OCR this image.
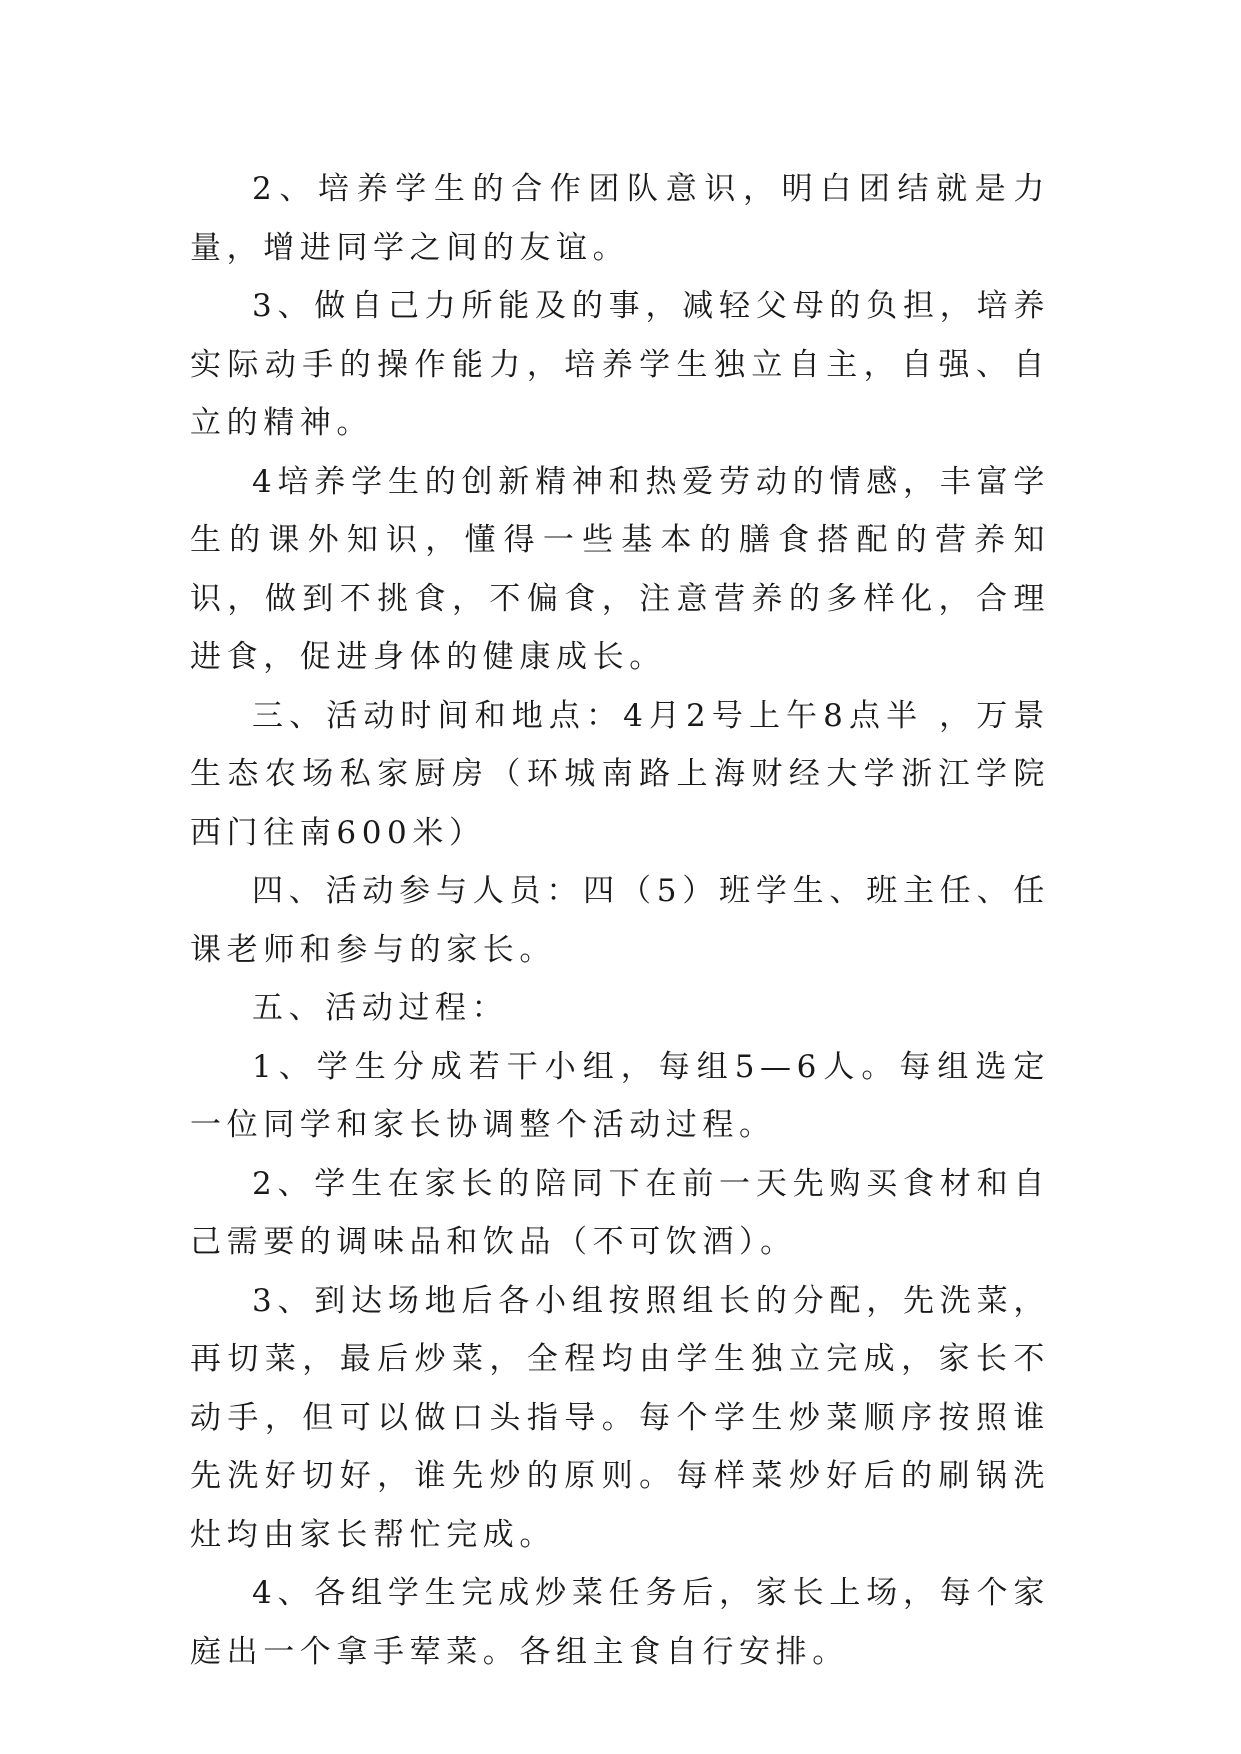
2、培养学生的合作团队意识，明白团结就是力量，增进同学之间的友谊。

3、做自己力所能及的事，减轻父母的负担，培养实际动手的操作能力，培养学生独立自主，自强、自立的精神。

4培养学生的创新精神和热爱劳动的情感，丰富学生的课外知识，懂得一些基本的膳食搭配的营养知识，做到不挑食，不偏食，注意营养的多样化，合理进食，促进身体的健康成长。

三、活动时间和地点：4月2号上午8点半 ，万景生态农场私家厨房（环城南路上海财经大学浙江学院西门往南600米）

四、活动参与人员：四（5）班学生、班主任、任课老师和参与的家长。

五、活动过程：

1、学生分成若干小组，每组5—6人。每组选定一位同学和家长协调整个活动过程。

2、学生在家长的陪同下在前一天先购买食材和自己需要的调味品和饮品（不可饮酒）。

3、到达场地后各小组按照组长的分配，先洗菜，再切菜，最后炒菜，全程均由学生独立完成，家长不动手，但可以做口头指导。每个学生炒菜顺序按照谁先洗好切好，谁先炒的原则。每样菜炒好后的刷锅洗灶均由家长帮忙完成。

4、各组学生完成炒菜任务后，家长上场，每个家庭出一个拿手荤菜。各组主食自行安排。
